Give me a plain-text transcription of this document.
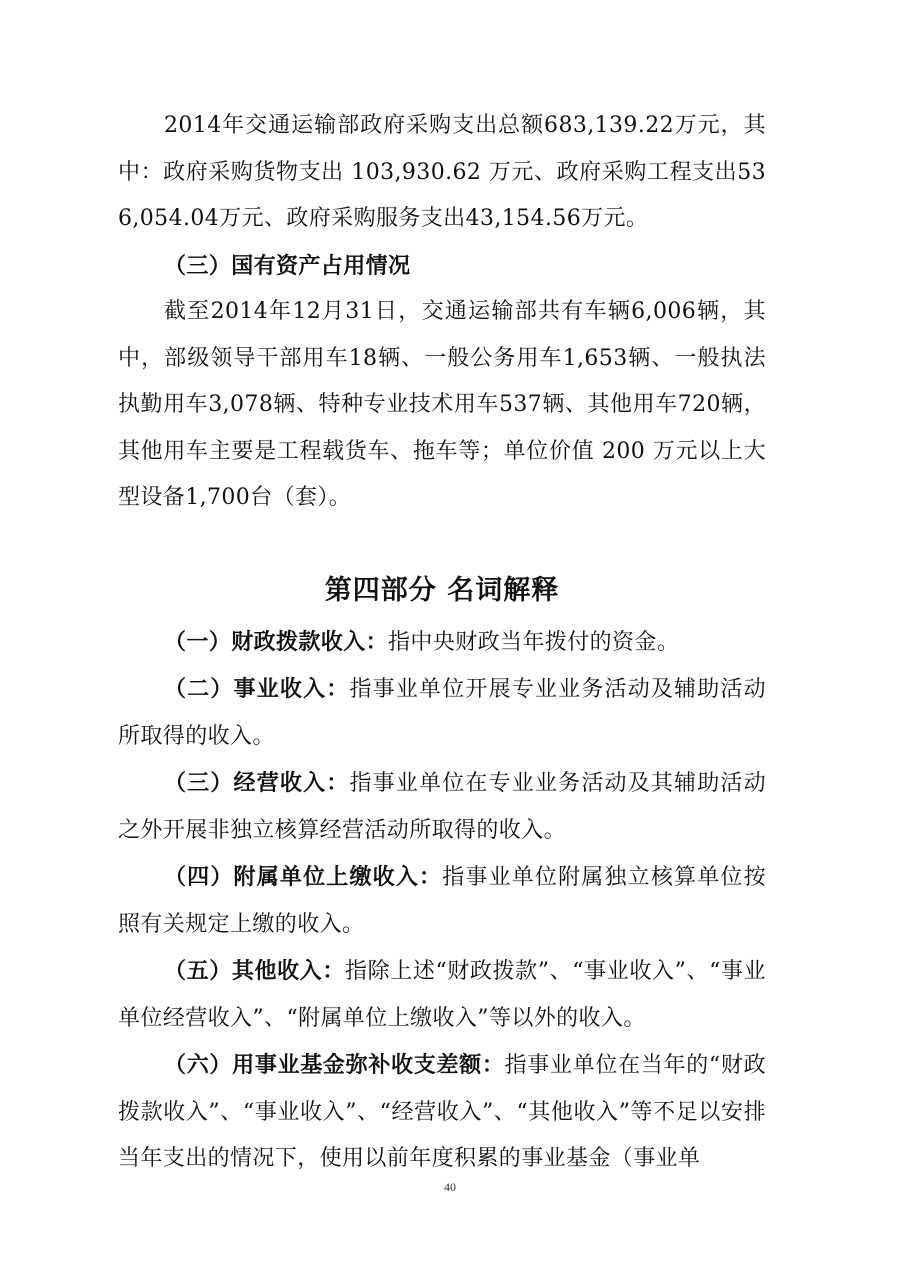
2014年交通运输部政府采购支出总额683,139.22万元，其中：政府采购货物支出 103,930.62 万元、政府采购工程支出536,054.04万元、政府采购服务支出43,154.56万元。

（三）国有资产占用情况

截至2014年12月31日，交通运输部共有车辆6,006辆，其中，部级领导干部用车18辆、一般公务用车1,653辆、一般执法执勤用车3,078辆、特种专业技术用车537辆、其他用车720辆，其他用车主要是工程载货车、拖车等；单位价值 200 万元以上大型设备1,700台（套）。

第四部分 名词解释

（一）财政拨款收入：指中央财政当年拨付的资金。

（二）事业收入：指事业单位开展专业业务活动及辅助活动所取得的收入。

（三）经营收入：指事业单位在专业业务活动及其辅助活动之外开展非独立核算经营活动所取得的收入。

（四）附属单位上缴收入：指事业单位附属独立核算单位按照有关规定上缴的收入。

（五）其他收入：指除上述“财政拨款”、“事业收入”、“事业单位经营收入”、“附属单位上缴收入”等以外的收入。

（六）用事业基金弥补收支差额：指事业单位在当年的“财政拨款收入”、“事业收入”、“经营收入”、“其他收入”等不足以安排当年支出的情况下，使用以前年度积累的事业基金（事业单

40
